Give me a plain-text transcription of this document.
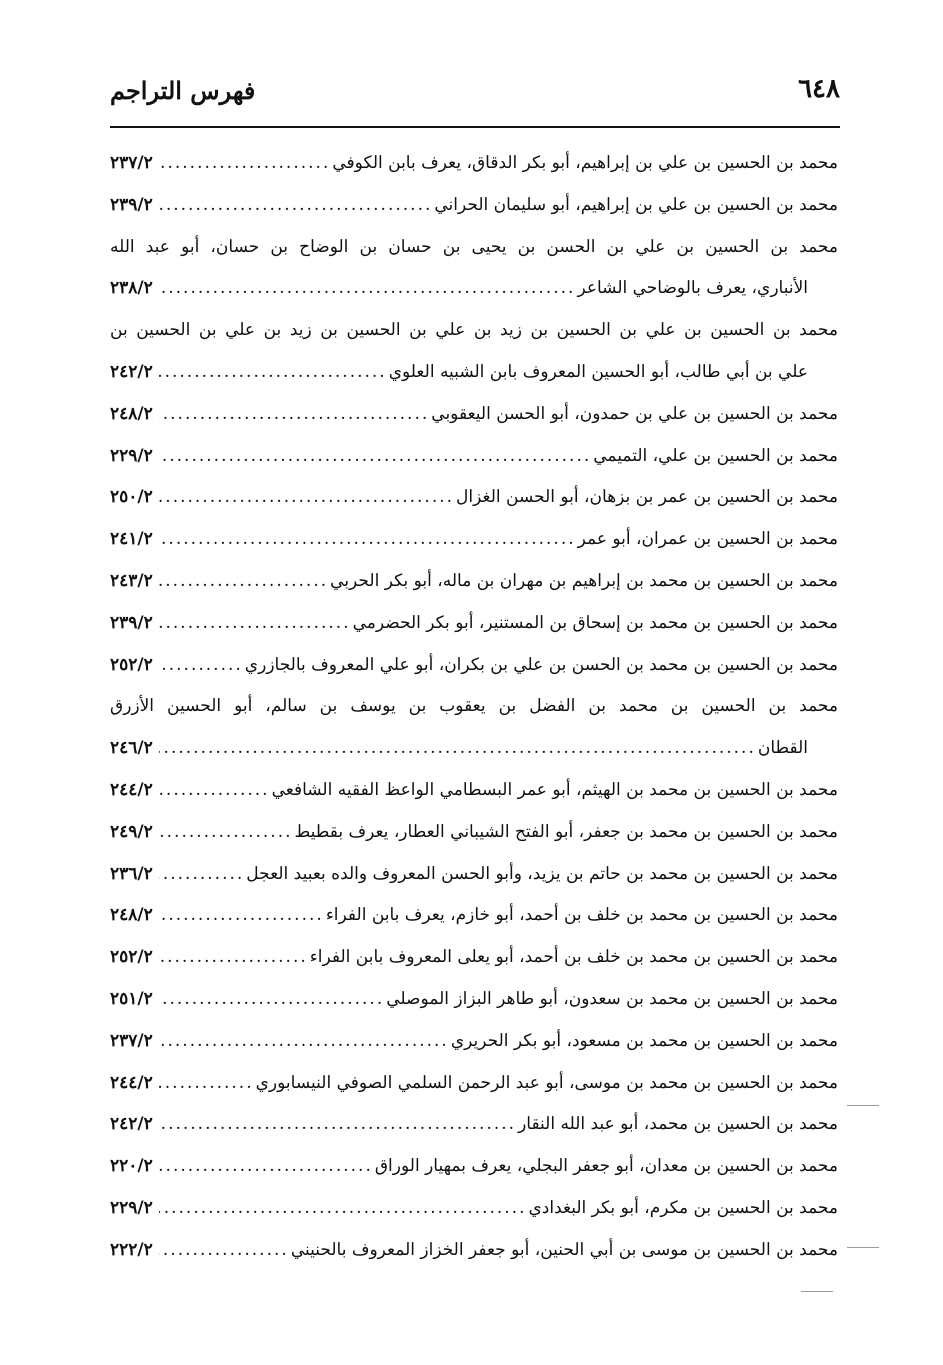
٦٤٨
فهرس التراجم
محمد بن الحسين بن علي بن إبراهيم، أبو بكر الدقاق، يعرف بابن الكوفي
.....
٢٣٧/٢
محمد بن الحسين بن علي بن إبراهيم، أبو سليمان الحراني
.....
٢٣٩/٢
محمد بن الحسين بن علي بن الحسن بن يحيى بن حسان بن الوضاح بن حسان، أبو عبد الله
الأنباري، يعرف بالوضاحي الشاعر
.....
٢٣٨/٢
محمد بن الحسين بن علي بن الحسين بن زيد بن علي بن الحسين بن زيد بن علي بن الحسين بن
علي بن أبي طالب، أبو الحسين المعروف بابن الشبيه العلوي
.....
٢٤٢/٢
محمد بن الحسين بن علي بن حمدون، أبو الحسن اليعقوبي
.....
٢٤٨/٢
محمد بن الحسين بن علي، التميمي
.....
٢٢٩/٢
محمد بن الحسين بن عمر بن بزهان، أبو الحسن الغزال
.....
٢٥٠/٢
محمد بن الحسين بن عمران، أبو عمر
.....
٢٤١/٢
محمد بن الحسين بن محمد بن إبراهيم بن مهران بن ماله، أبو بكر الحربي
.....
٢٤٣/٢
محمد بن الحسين بن محمد بن إسحاق بن المستنير، أبو بكر الحضرمي
.....
٢٣٩/٢
محمد بن الحسين بن محمد بن الحسن بن علي بن بكران، أبو علي المعروف بالجازري
.....
٢٥٢/٢
محمد بن الحسين بن محمد بن الفضل بن يعقوب بن يوسف بن سالم، أبو الحسين الأزرق
القطان
.....
٢٤٦/٢
محمد بن الحسين بن محمد بن الهيثم، أبو عمر البسطامي الواعظ الفقيه الشافعي
.....
٢٤٤/٢
محمد بن الحسين بن محمد بن جعفر، أبو الفتح الشيباني العطار، يعرف بقطيط
.....
٢٤٩/٢
محمد بن الحسين بن محمد بن حاتم بن يزيد، وأبو الحسن المعروف والده بعبيد العجل
.....
٢٣٦/٢
محمد بن الحسين بن محمد بن خلف بن أحمد، أبو خازم، يعرف بابن الفراء
.....
٢٤٨/٢
محمد بن الحسين بن محمد بن خلف بن أحمد، أبو يعلى المعروف بابن الفراء
.....
٢٥٢/٢
محمد بن الحسين بن محمد بن سعدون، أبو طاهر البزاز الموصلي
.....
٢٥١/٢
محمد بن الحسين بن محمد بن مسعود، أبو بكر الحريري
.....
٢٣٧/٢
محمد بن الحسين بن محمد بن موسى، أبو عبد الرحمن السلمي الصوفي النيسابوري
.....
٢٤٤/٢
محمد بن الحسين بن محمد، أبو عبد الله النقار
.....
٢٤٢/٢
محمد بن الحسين بن معدان، أبو جعفر البجلي، يعرف بمهيار الوراق
.....
٢٢٠/٢
محمد بن الحسين بن مكرم، أبو بكر البغدادي
.....
٢٢٩/٢
محمد بن الحسين بن موسى بن أبي الحنين، أبو جعفر الخزاز المعروف بالحنيني
.....
٢٢٢/٢
